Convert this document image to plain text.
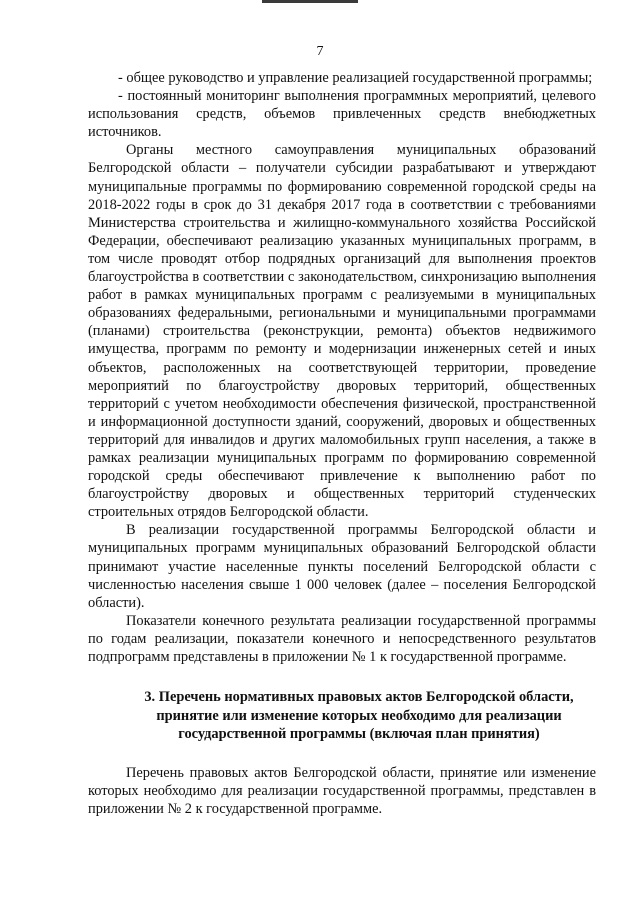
7

- общее руководство и управление реализацией государственной программы;

- постоянный мониторинг выполнения программных мероприятий, целевого использования средств, объемов привлеченных средств внебюджетных источников.

Органы местного самоуправления муниципальных образований Белгородской области – получатели субсидии разрабатывают и утверждают муниципальные программы по формированию современной городской среды на 2018-2022 годы в срок до 31 декабря 2017 года в соответствии с требованиями Министерства строительства и жилищно-коммунального хозяйства Российской Федерации, обеспечивают реализацию указанных муниципальных программ, в том числе проводят отбор подрядных организаций для выполнения проектов благоустройства в соответствии с законодательством, синхронизацию выполнения работ в рамках муниципальных программ с реализуемыми в муниципальных образованиях федеральными, региональными и муниципальными программами (планами) строительства (реконструкции, ремонта) объектов недвижимого имущества, программ по ремонту и модернизации инженерных сетей и иных объектов, расположенных на соответствующей территории, проведение мероприятий по благоустройству дворовых территорий, общественных территорий с учетом необходимости обеспечения физической, пространственной и информационной доступности зданий, сооружений, дворовых и общественных территорий для инвалидов и других маломобильных групп населения, а также в рамках реализации муниципальных программ по формированию современной городской среды обеспечивают привлечение к выполнению работ по благоустройству дворовых и общественных территорий студенческих строительных отрядов Белгородской области.

В реализации государственной программы Белгородской области и муниципальных программ муниципальных образований Белгородской области принимают участие населенные пункты поселений Белгородской области с численностью населения свыше 1 000 человек (далее – поселения Белгородской области).

Показатели конечного результата реализации государственной программы по годам реализации, показатели конечного и непосредственного результатов подпрограмм представлены в приложении № 1 к государственной программе.

3. Перечень нормативных правовых актов Белгородской области, принятие или изменение которых необходимо для реализации государственной программы (включая план принятия)

Перечень правовых актов Белгородской области, принятие или изменение которых необходимо для реализации государственной программы, представлен в приложении № 2 к государственной программе.
